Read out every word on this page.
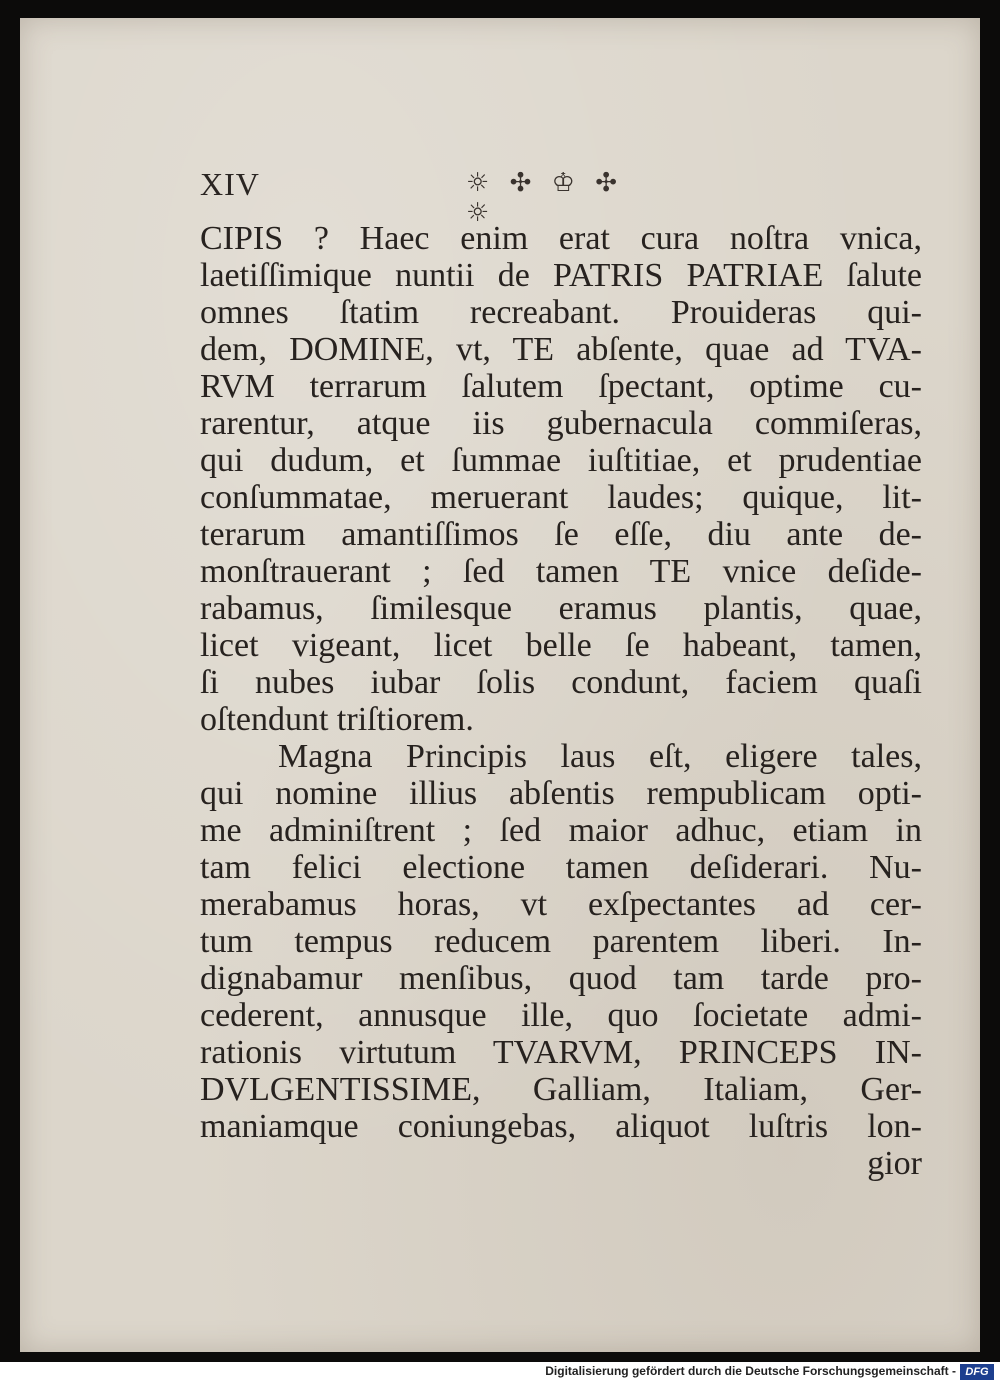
XIV	☼ ✣ ♔ ✣ ☼
CIPIS ? Haec enim erat cura noſtra vnica,
laetiſſimique nuntii de PATRIS PATRIAE ſalute
omnes ſtatim recreabant. Prouideras qui-
dem, DOMINE, vt, TE abſente, quae ad TVA-
RVM terrarum ſalutem ſpectant, optime cu-
rarentur, atque iis gubernacula commiſeras,
qui dudum, et ſummae iuſtitiae, et prudentiae
conſummatae, meruerant laudes; quique, lit-
terarum amantiſſimos ſe eſſe, diu ante de-
monſtrauerant ; ſed tamen TE vnice deſide-
rabamus, ſimilesque eramus plantis, quae,
licet vigeant, licet belle ſe habeant, tamen,
ſi nubes iubar ſolis condunt, faciem quaſi
oſtendunt triſtiorem.
Magna Principis laus eſt, eligere tales,
qui nomine illius abſentis rempublicam opti-
me adminiſtrent ; ſed maior adhuc, etiam in
tam felici electione tamen deſiderari. Nu-
merabamus horas, vt exſpectantes ad cer-
tum tempus reducem parentem liberi. In-
dignabamur menſibus, quod tam tarde pro-
cederent, annusque ille, quo ſocietate admi-
rationis virtutum TVARVM, PRINCEPS IN-
DVLGENTISSIME, Galliam, Italiam, Ger-
maniamque coniungebas, aliquot luſtris lon-
gior
Digitalisierung gefördert durch die Deutsche Forschungsgemeinschaft - DFG
